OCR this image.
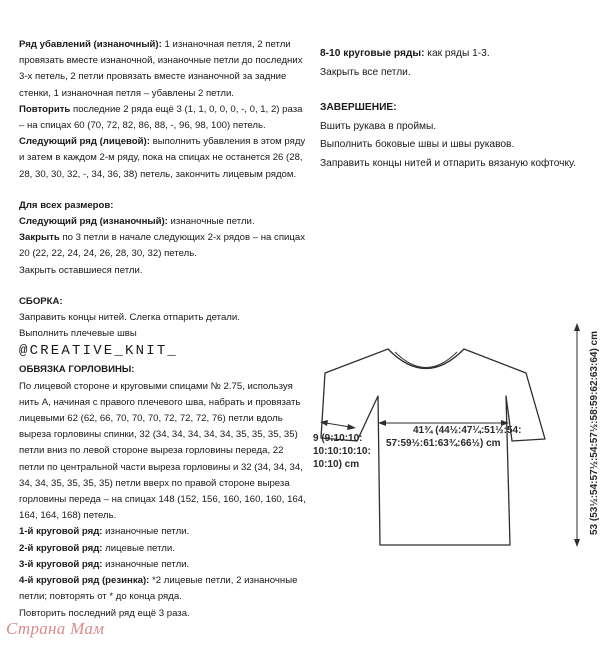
Ряд убавлений (изнаночный): 1 изнаночная петля, 2 петли провязать вместе изнаночной, изнаночные петли до последних 3-х петель, 2 петли провязать вместе изнаночной за задние стенки, 1 изнаночная петля – убавлены 2 петли.

Повторить последние 2 ряда ещё 3 (1, 1, 0, 0, 0, -, 0, 1, 2) раза – на спицах 60 (70, 72, 82, 86, 88, -, 96, 98, 100) петель.

Следующий ряд (лицевой): выполнить убавления в этом ряду и затем в каждом 2-м ряду, пока на спицах не останется 26 (28, 28, 30, 30, 32, -, 34, 36, 38) петель, закончить лицевым рядом.

Для всех размеров:

Следующий ряд (изнаночный): изнаночные петли.

Закрыть по 3 петли в начале следующих 2-х рядов – на спицах 20 (22, 22, 24, 24, 26, 28, 30, 32) петель.

Закрыть оставшиеся петли.

СБОРКА:

Заправить концы нитей. Слегка отпарить детали.

Выполнить плечевые швы

@CREATIVE_KNIT_

ОБВЯЗКА ГОРЛОВИНЫ:

По лицевой стороне и круговыми спицами № 2.75, используя нить А, начиная с правого плечевого шва, набрать и провязать лицевыми 62 (62, 66, 70, 70, 70, 72, 72, 72, 76) петли вдоль выреза горловины спинки, 32 (34, 34, 34, 34, 34, 35, 35, 35, 35) петли вниз по левой стороне выреза горловины переда, 22 петли по центральной части выреза горловины и 32 (34, 34, 34, 34, 34, 35, 35, 35, 35) петли вверх по правой стороне выреза горловины переда – на спицах 148 (152, 156, 160, 160, 160, 164, 164, 164, 168) петель.

1-й круговой ряд: изнаночные петли.

2-й круговой ряд: лицевые петли.

3-й круговой ряд: изнаночные петли.

4-й круговой ряд (резинка): *2 лицевые петли, 2 изнаночные петли; повторять от * до конца ряда.

Повторить последний ряд ещё 3 раза.

8-10 круговые ряды: как ряды 1-3.

Закрыть все петли.

ЗАВЕРШЕНИЕ:

Вшить рукава в проймы.

Выполнить боковые швы и швы рукавов.

Заправить концы нитей и отпарить вязаную кофточку.

41¾ (44½:47¼:51½:54:
57:59½:61:63¾:66½) cm
9 (9:10:10:
10:10:10:10:
10:10) cm	53 (53½:54:57½:54:57½:58:59:62:63:64) cm
Страна Мам
